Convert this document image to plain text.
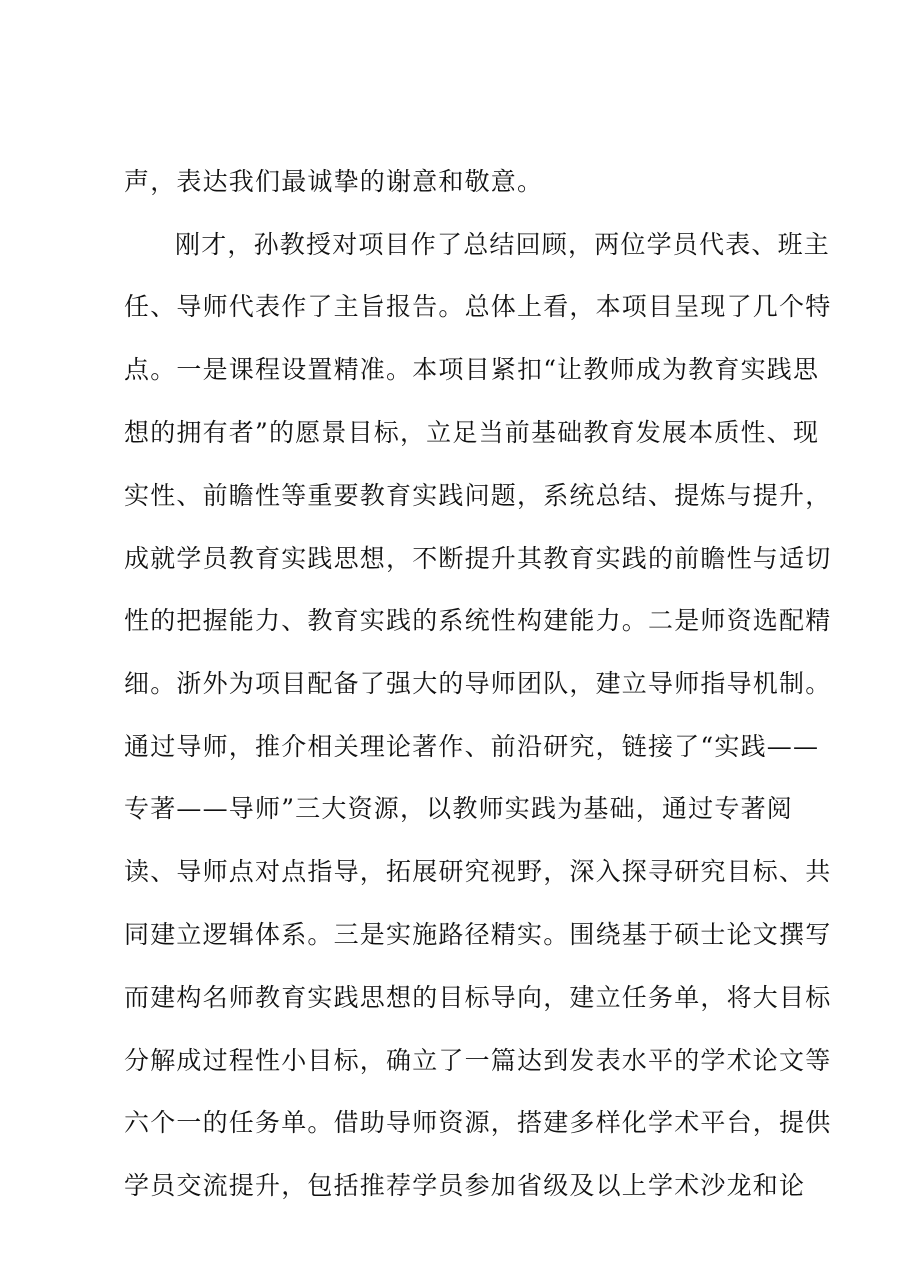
声，表达我们最诚挚的谢意和敬意。
刚才，孙教授对项目作了总结回顾，两位学员代表、班主
任、导师代表作了主旨报告。总体上看，本项目呈现了几个特
点。一是课程设置精准。本项目紧扣“让教师成为教育实践思
想的拥有者”的愿景目标，立足当前基础教育发展本质性、现
实性、前瞻性等重要教育实践问题，系统总结、提炼与提升，
成就学员教育实践思想，不断提升其教育实践的前瞻性与适切
性的把握能力、教育实践的系统性构建能力。二是师资选配精
细。浙外为项目配备了强大的导师团队，建立导师指导机制。
通过导师，推介相关理论著作、前沿研究，链接了“实践——
专著——导师”三大资源，以教师实践为基础，通过专著阅
读、导师点对点指导，拓展研究视野，深入探寻研究目标、共
同建立逻辑体系。三是实施路径精实。围绕基于硕士论文撰写
而建构名师教育实践思想的目标导向，建立任务单，将大目标
分解成过程性小目标，确立了一篇达到发表水平的学术论文等
六个一的任务单。借助导师资源，搭建多样化学术平台，提供
学员交流提升，包括推荐学员参加省级及以上学术沙龙和论
